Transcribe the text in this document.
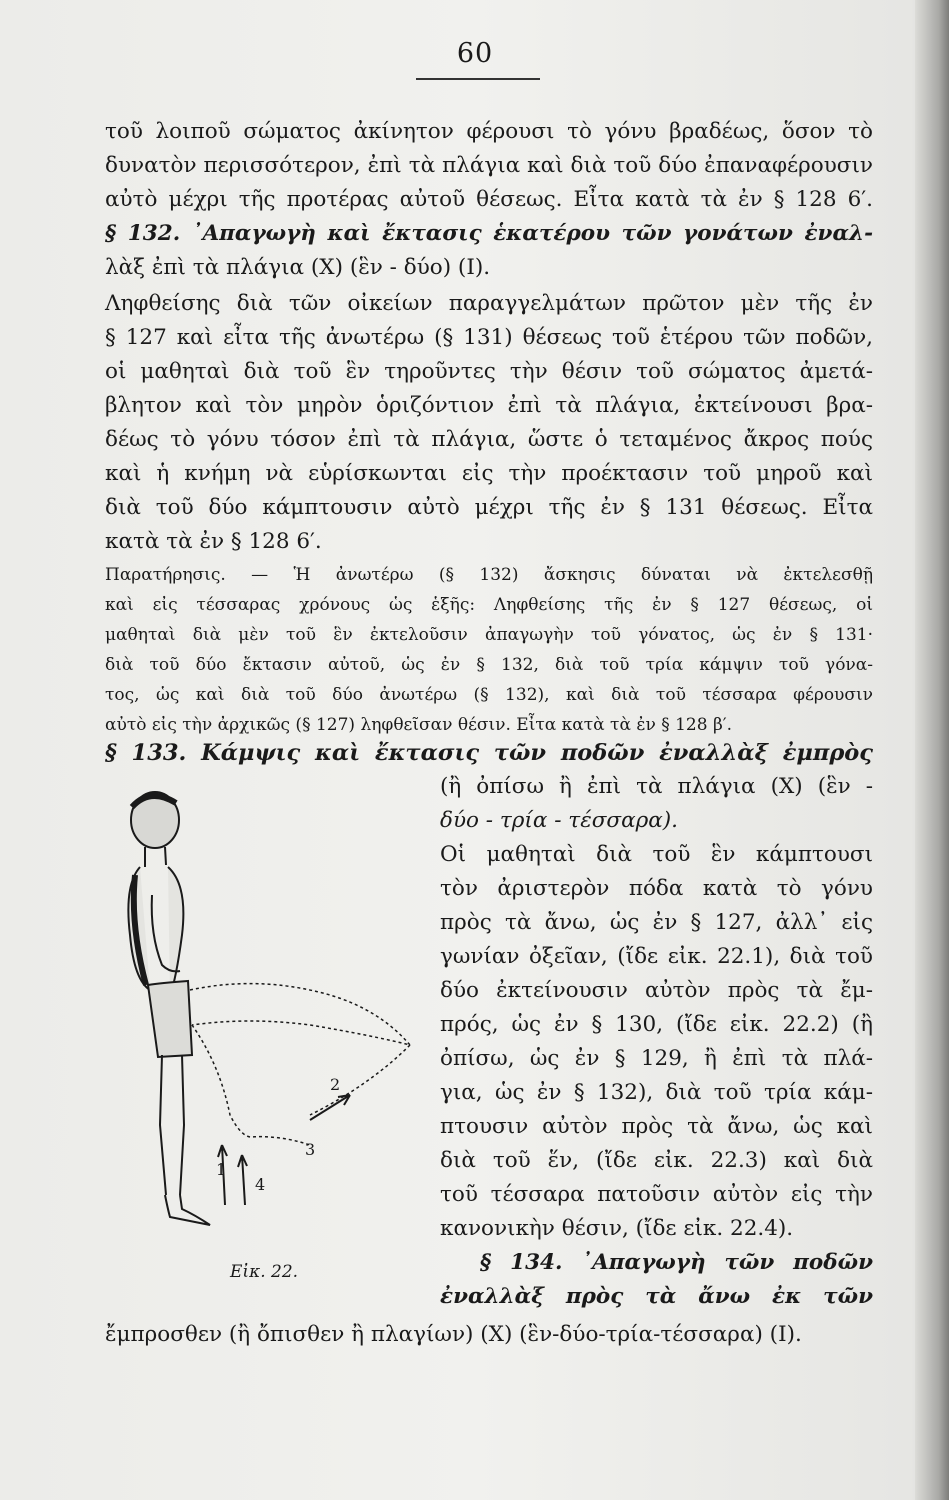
60
τοῦ λοιποῦ σώματος ἀκίνητον φέρουσι τὸ γόνυ βραδέως, ὅσον τὸ
δυνατὸν περισσότερον, ἐπὶ τὰ πλάγια καὶ διὰ τοῦ δύο ἐπαναφέρουσιν
αὐτὸ μέχρι τῆς προτέρας αὐτοῦ θέσεως. Εἶτα κατὰ τὰ ἐν § 128 6′.
§ 132. ᾿Απαγωγὴ καὶ ἔκτασις ἑκατέρου τῶν γονάτων ἐναλ-
λὰξ ἐπὶ τὰ πλάγια (Χ) (ἓν - δύο) (Ι).
Ληφθείσης διὰ τῶν οἰκείων παραγγελμάτων πρῶτον μὲν τῆς ἐν
§ 127 καὶ εἶτα τῆς ἀνωτέρω (§ 131) θέσεως τοῦ ἑτέρου τῶν ποδῶν,
οἱ μαθηταὶ διὰ τοῦ ἓν τηροῦντες τὴν θέσιν τοῦ σώματος ἀμετά-
βλητον καὶ τὸν μηρὸν ὁριζόντιον ἐπὶ τὰ πλάγια, ἐκτείνουσι βρα-
δέως τὸ γόνυ τόσον ἐπὶ τὰ πλάγια, ὥστε ὁ τεταμένος ἄκρος πούς
καὶ ἡ κνήμη νὰ εὑρίσκωνται εἰς τὴν προέκτασιν τοῦ μηροῦ καὶ
διὰ τοῦ δύο κάμπτουσιν αὐτὸ μέχρι τῆς ἐν § 131 θέσεως. Εἶτα
κατὰ τὰ ἐν § 128 6′.
Παρατήρησις. — Ἡ ἀνωτέρω (§ 132) ἄσκησις δύναται νὰ ἐκτελεσθῇ
καὶ εἰς τέσσαρας χρόνους ὡς ἑξῆς: Ληφθείσης τῆς ἐν § 127 θέσεως, οἱ
μαθηταὶ διὰ μὲν τοῦ ἓν ἐκτελοῦσιν ἀπαγωγὴν τοῦ γόνατος, ὡς ἐν § 131·
διὰ τοῦ δύο ἔκτασιν αὐτοῦ, ὡς ἐν § 132, διὰ τοῦ τρία κάμψιν τοῦ γόνα-
τος, ὡς καὶ διὰ τοῦ δύο ἀνωτέρω (§ 132), καὶ διὰ τοῦ τέσσαρα φέρουσιν
αὐτὸ εἰς τὴν ἀρχικῶς (§ 127) ληφθεῖσαν θέσιν. Εἶτα κατὰ τὰ ἐν § 128 β′.
§ 133. Κάμψις καὶ ἔκτασις τῶν ποδῶν ἐναλλὰξ ἐμπρὸς
(ἢ ὀπίσω ἢ ἐπὶ τὰ πλάγια (Χ) (ἓν -
δύο - τρία - τέσσαρα).
Οἱ μαθηταὶ διὰ τοῦ ἓν κάμπτουσι
τὸν ἀριστερὸν πόδα κατὰ τὸ γόνυ
πρὸς τὰ ἄνω, ὡς ἐν § 127, ἀλλ᾿ εἰς
γωνίαν ὀξεῖαν, (ἴδε εἰκ. 22.1), διὰ τοῦ
δύο ἐκτείνουσιν αὐτὸν πρὸς τὰ ἔμ-
πρός, ὡς ἐν § 130, (ἴδε εἰκ. 22.2) (ἢ
ὀπίσω, ὡς ἐν § 129, ἢ ἐπὶ τὰ πλά-
για, ὡς ἐν § 132), διὰ τοῦ τρία κάμ-
πτουσιν αὐτὸν πρὸς τὰ ἄνω, ὡς καὶ
διὰ τοῦ ἕν, (ἴδε εἰκ. 22.3) καὶ διὰ
τοῦ τέσσαρα πατοῦσιν αὐτὸν εἰς τὴν
κανονικὴν θέσιν, (ἴδε εἰκ. 22.4).
§ 134. ᾿Απαγωγὴ τῶν ποδῶν
ἐναλλὰξ πρὸς τὰ ἄνω ἐκ τῶν
ἔμπροσθεν (ἢ ὄπισθεν ἢ πλαγίων) (Χ) (ἓν-δύο-τρία-τέσσαρα) (Ι).
1
2
3
4
Εἰκ. 22.
